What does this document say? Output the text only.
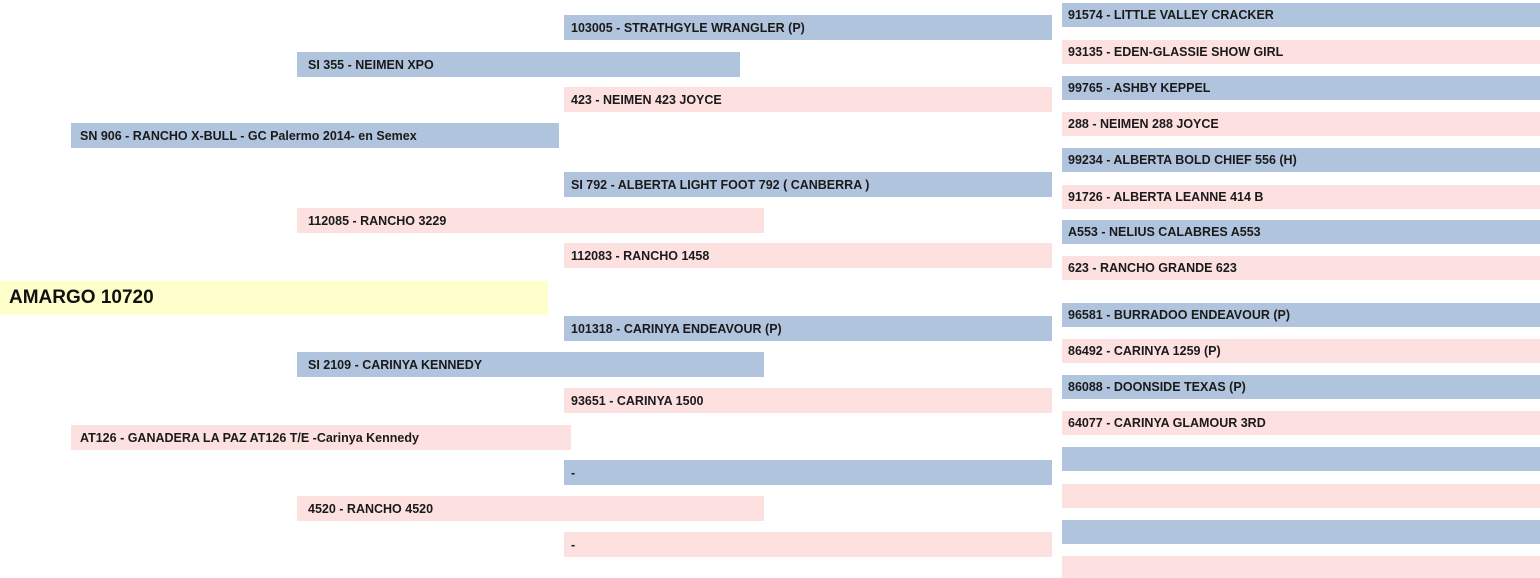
AMARGO 10720
SN 906 - RANCHO X-BULL - GC Palermo 2014- en Semex
AT126 - GANADERA LA PAZ AT126 T/E -Carinya Kennedy
SI 355 - NEIMEN XPO
112085 - RANCHO 3229
SI 2109 - CARINYA KENNEDY
4520 - RANCHO 4520
103005 - STRATHGYLE WRANGLER (P)
423 - NEIMEN 423 JOYCE
SI 792 - ALBERTA LIGHT FOOT 792 ( CANBERRA )
112083 - RANCHO 1458
101318 - CARINYA ENDEAVOUR (P)
93651 - CARINYA 1500
-
-
91574 - LITTLE VALLEY CRACKER
93135 - EDEN-GLASSIE SHOW GIRL
99765 - ASHBY KEPPEL
288 - NEIMEN 288 JOYCE
99234 - ALBERTA BOLD CHIEF 556 (H)
91726 - ALBERTA LEANNE 414 B
A553 - NELIUS CALABRES A553
623 - RANCHO GRANDE 623
96581 - BURRADOO ENDEAVOUR (P)
86492 - CARINYA 1259 (P)
86088 - DOONSIDE TEXAS (P)
64077 - CARINYA GLAMOUR 3RD
